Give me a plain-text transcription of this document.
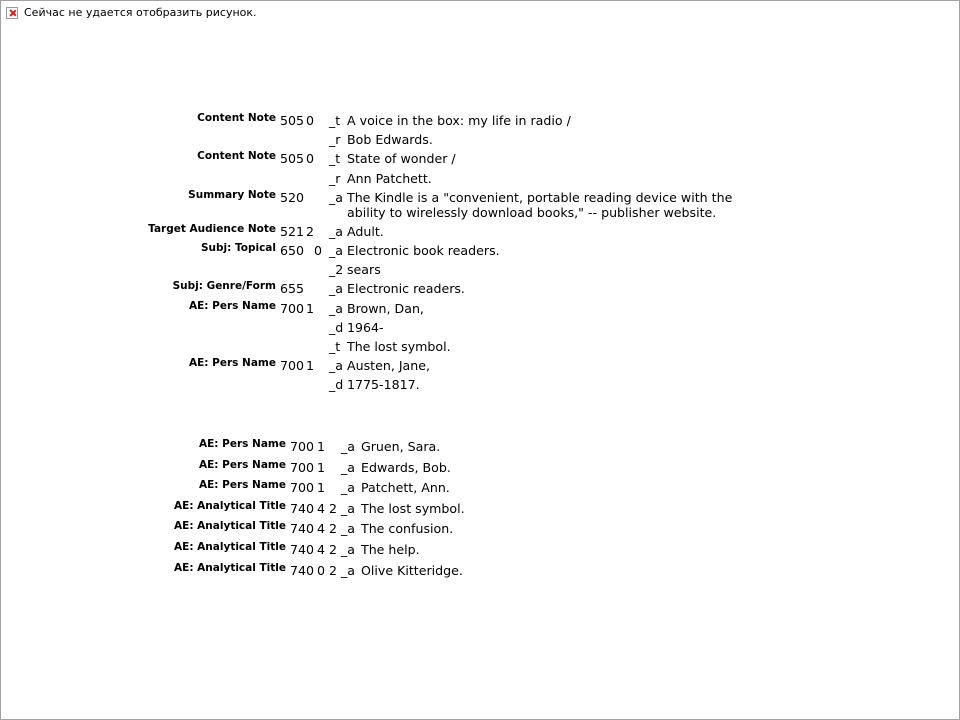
Сейчас не удается отобразить рисунок.
Content Note 505 0 _t A voice in the box: my life in radio /
_r Bob Edwards.
Content Note 505 0 _t State of wonder /
_r Ann Patchett.
Summary Note 520 _a The Kindle is a "convenient, portable reading device with the ability to wirelessly download books," -- publisher website.
Target Audience Note 521 2 _a Adult.
Subj: Topical 650 0 _a Electronic book readers.
_2 sears
Subj: Genre/Form 655 _a Electronic readers.
AE: Pers Name 700 1 _a Brown, Dan,
_d 1964-
_t The lost symbol.
AE: Pers Name 700 1 _a Austen, Jane,
_d 1775-1817.
AE: Pers Name 700 1 _a Gruen, Sara.
AE: Pers Name 700 1 _a Edwards, Bob.
AE: Pers Name 700 1 _a Patchett, Ann.
AE: Analytical Title 740 4 2 _a The lost symbol.
AE: Analytical Title 740 4 2 _a The confusion.
AE: Analytical Title 740 4 2 _a The help.
AE: Analytical Title 740 0 2 _a Olive Kitteridge.
